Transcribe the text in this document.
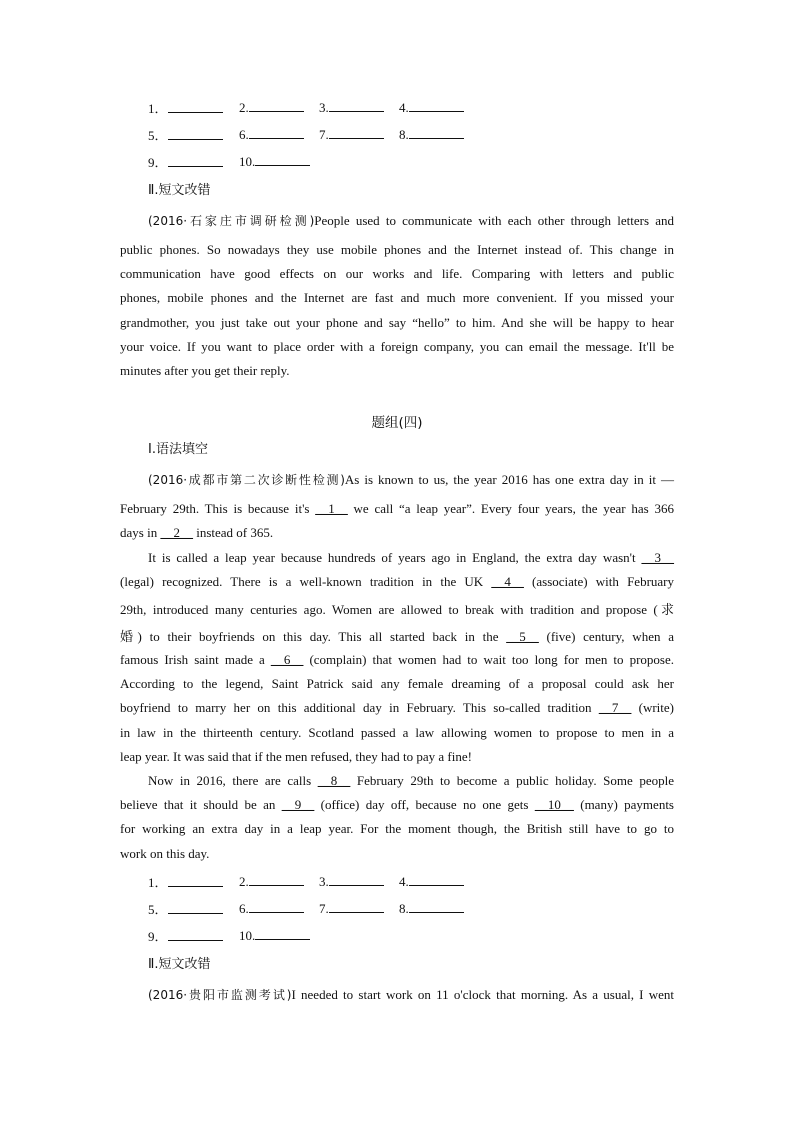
1．	2.	3.	4.
5．	6.	7.	8.
9．	10.
Ⅱ.短文改错
(2016·石家庄市调研检测)People used to communicate with each other through letters and
public phones. So nowadays they use mobile phones and the Internet instead of. This change in
communication have good effects on our works and life. Comparing with letters and public
phones, mobile phones and the Internet are fast and much more convenient. If you missed your
grandmother, you just take out your phone and say “hello” to him. And she will be happy to hear
your voice. If you want to place order with a foreign company, you can email the message. It'll be
minutes after you get their reply.
题组(四)
Ⅰ.语法填空
(2016·成都市第二次诊断性检测)As is known to us, the year 2016 has one extra day in it —
February 29th. This is because it's __1__ we call “a leap year”. Every four years, the year has 366
days in __2__ instead of 365.
It is called a leap year because hundreds of years ago in England, the extra day wasn't __3__
(legal) recognized. There is a well-known tradition in the UK __4__ (associate) with February
29th, introduced many centuries ago. Women are allowed to break with tradition and propose (求
婚) to their boyfriends on this day. This all started back in the __5__ (five) century, when a
famous Irish saint made a __6__ (complain) that women had to wait too long for men to propose.
According to the legend, Saint Patrick said any female dreaming of a proposal could ask her
boyfriend to marry her on this additional day in February. This so-called tradition __7__ (write)
in law in the thirteenth century. Scotland passed a law allowing women to propose to men in a
leap year. It was said that if the men refused, they had to pay a fine!
Now in 2016, there are calls __8__ February 29th to become a public holiday. Some people
believe that it should be an __9__ (office) day off, because no one gets __10__ (many) payments
for working an extra day in a leap year. For the moment though, the British still have to go to
work on this day.
1．	2.	3.	4.
5．	6.	7.	8.
9．	10.
Ⅱ.短文改错
(2016·贵阳市监测考试)I needed to start work on 11 o'clock that morning. As a usual, I went
